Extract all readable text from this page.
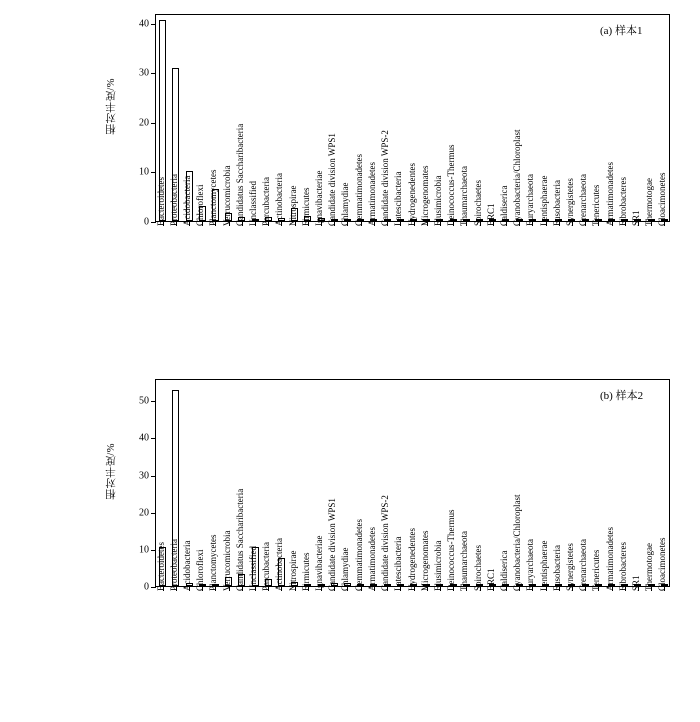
相对丰度/%
0
10
20
30
40
Bacteroidetes Proteobacteria Acidobacteria Chloroflexi Planctomycetes Verrucomicrobia Candidatus Saccharibacteria Unclassified Parcubacteria Actinobacteria Nitrospirae Firmicutes Ignavibacteriae Candidate division WPS1 Chlamydiae Gemmatimonadetes Armatimonadetes Candidate division WPS-2 Latescibacteria Hydrogenedentes Microgenomates Elusimicrobia Deinococcus-Thermus Thaumarchaeota Spirochaetes BRC1 Caldiserica Cyanobacteria/Chloroplast Euryarchaeota Lentisphaerae Fusobacteria Synergistetes Crenarchaeota Tenericutes Armatimonadetes Fibrobacteres SR1 Thermotogae Cloacimonetes
(a) 样本1
相对丰度/%
0
10
20
30
40
50
Bacteroidetes Proteobacteria Acidobacteria Chloroflexi Planctomycetes Verrucomicrobia Candidatus Saccharibacteria Unclassified Parcubacteria Actinobacteria Nitrospirae Firmicutes Ignavibacteriae Candidate division WPS1 Chlamydiae Gemmatimonadetes Armatimonadetes Candidate division WPS-2 Latescibacteria Hydrogenedentes Microgenomates Elusimicrobia Deinococcus-Thermus Thaumarchaeota Spirochaetes BRC1 Caldiserica Cyanobacteria/Chloroplast Euryarchaeota Lentisphaerae Fusobacteria Synergistetes Crenarchaeota Tenericutes Armatimonadetes Fibrobacteres SR1 Thermotogae Cloacimonetes
(b) 样本2
